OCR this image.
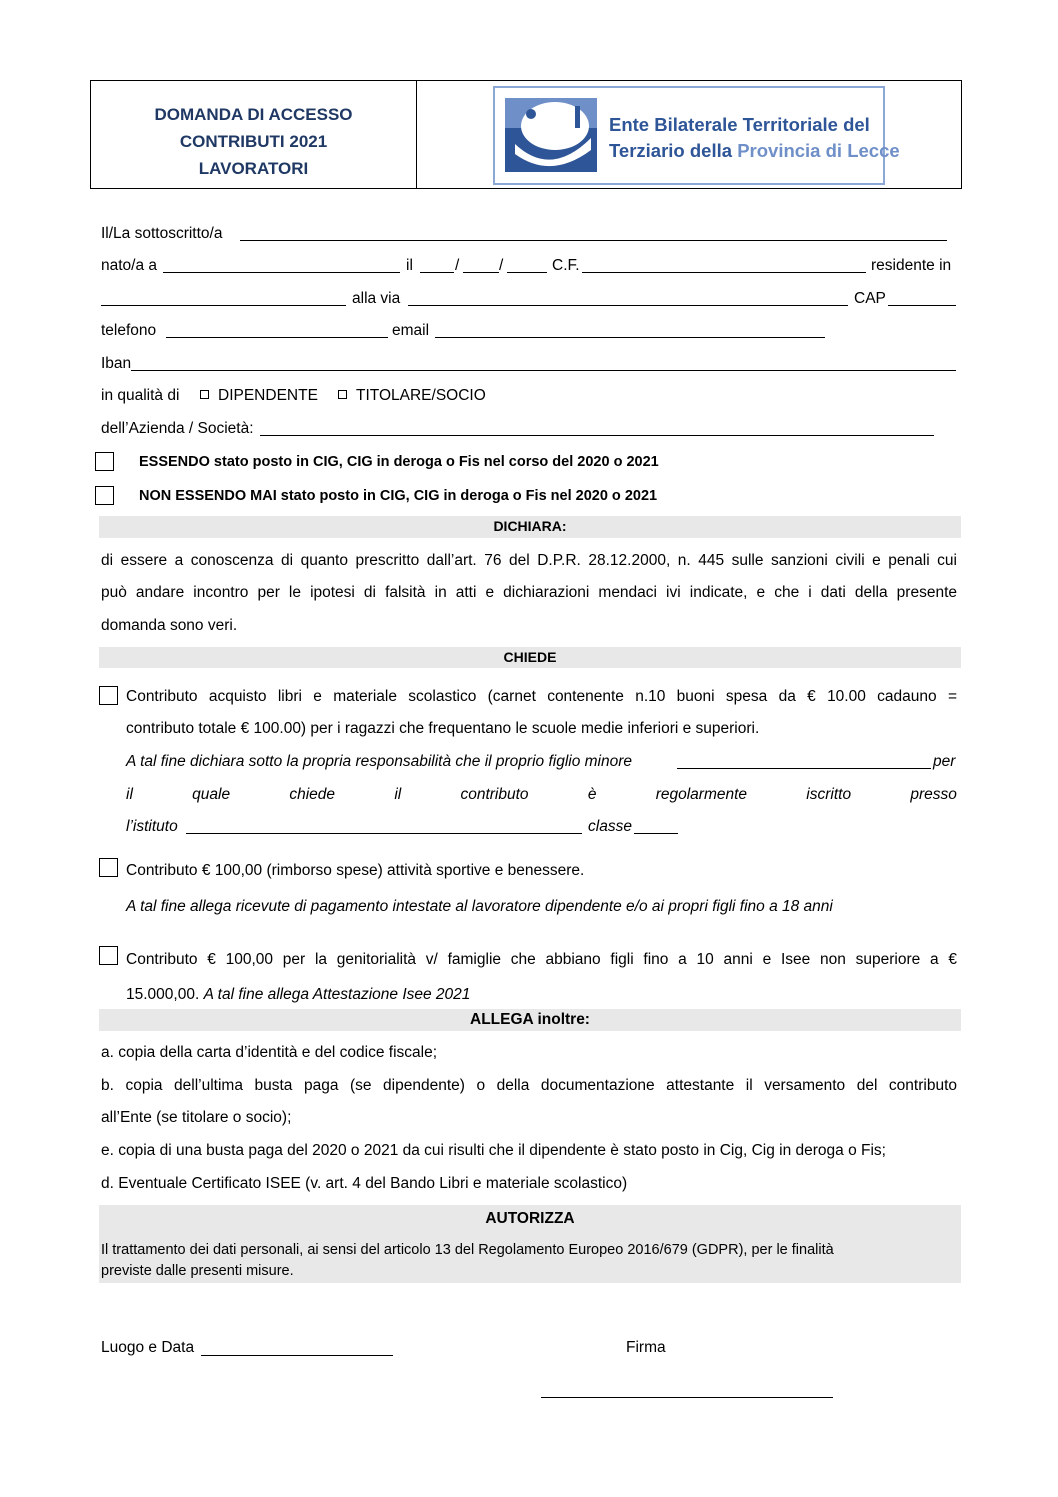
DOMANDA DI ACCESSO
CONTRIBUTI 2021
LAVORATORI
Ente Bilaterale Territoriale del
Terziario della Provincia di Lecce
Il/La sottoscritto/a
nato/a a	il	/	/	C.F.	residente in
alla via	CAP
telefono	email
Iban
in qualità di	DIPENDENTE	TITOLARE/SOCIO
dell’Azienda / Società:
ESSENDO stato posto in CIG, CIG in deroga o Fis nel corso del 2020 o 2021
NON ESSENDO MAI stato posto in CIG, CIG in deroga o Fis nel 2020 o 2021
DICHIARA:
di essere a conoscenza di quanto prescritto dall’art. 76 del D.P.R. 28.12.2000, n. 445 sulle sanzioni civili e penali cui
può andare incontro per le ipotesi di falsità in atti e dichiarazioni mendaci ivi indicate, e che i dati della presente
domanda sono veri.
CHIEDE
Contributo acquisto libri e materiale scolastico (carnet contenente n.10 buoni spesa da € 10.00 cadauno =
contributo totale € 100.00) per i ragazzi che frequentano le scuole medie inferiori e superiori.
A tal fine dichiara sotto la propria responsabilità che il proprio figlio minore	per
il	quale	chiede	il	contributo	è	regolarmente	iscritto	presso
l’istituto	classe
Contributo € 100,00 (rimborso spese) attività sportive e benessere.
A tal fine allega ricevute di pagamento intestate al lavoratore dipendente e/o ai propri figli fino a 18 anni
Contributo € 100,00 per la genitorialità v/ famiglie che abbiano figli fino a 10 anni e Isee non superiore a €
15.000,00. A tal fine allega Attestazione Isee 2021
ALLEGA inoltre:
a. copia della carta d’identità e del codice fiscale;
b. copia dell’ultima busta paga (se dipendente) o della documentazione attestante il versamento del contributo
all’Ente (se titolare o socio);
e. copia di una busta paga del 2020 o 2021 da cui risulti che il dipendente è stato posto in Cig, Cig in deroga o Fis;
d. Eventuale Certificato ISEE (v. art. 4 del Bando Libri e materiale scolastico)
AUTORIZZA
Il trattamento dei dati personali, ai sensi del articolo 13 del Regolamento Europeo 2016/679 (GDPR), per le finalità
previste dalle presenti misure.
Luogo e Data	Firma
